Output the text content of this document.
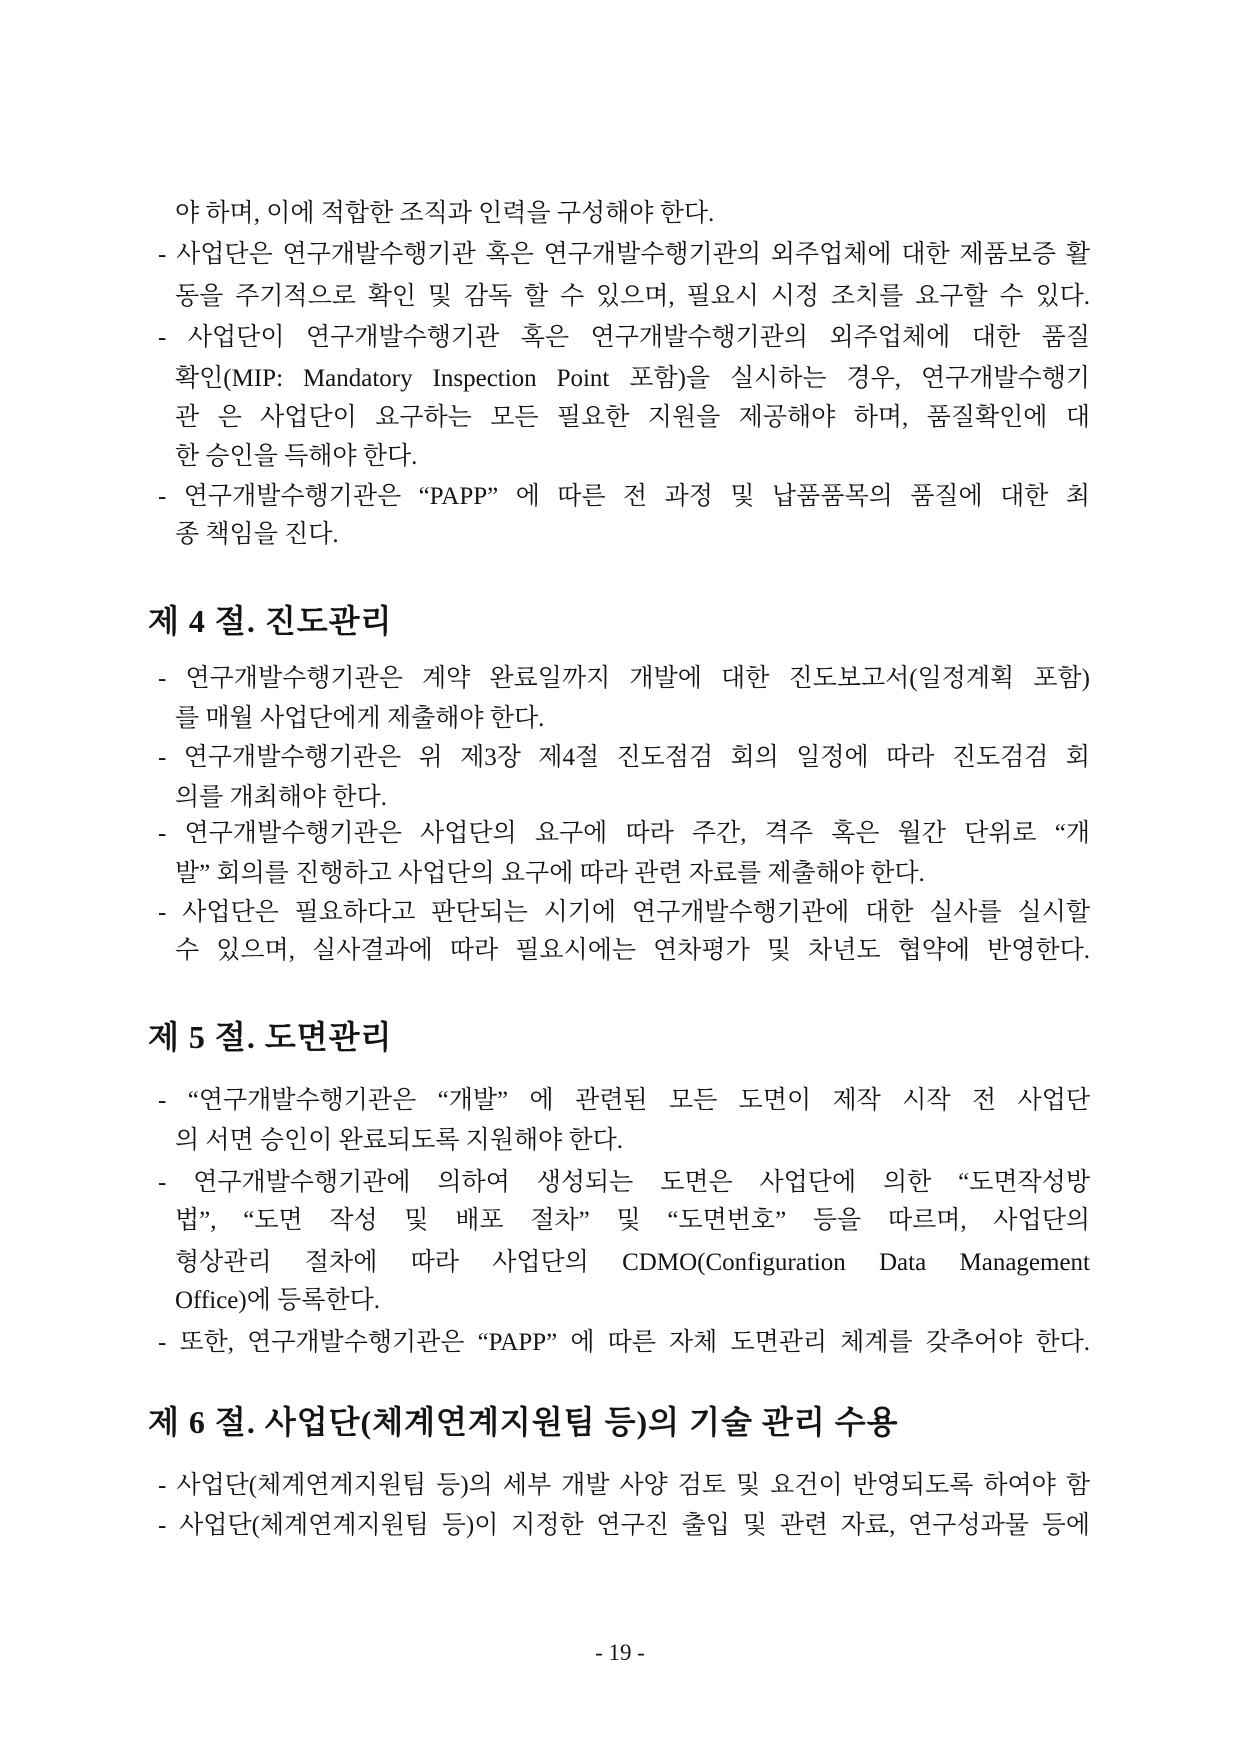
야 하며, 이에 적합한 조직과 인력을 구성해야 한다.
- 사업단은 연구개발수행기관 혹은 연구개발수행기관의 외주업체에 대한 제품보증 활
동을 주기적으로 확인 및 감독 할 수 있으며, 필요시 시정 조치를 요구할 수 있다.
- 사업단이 연구개발수행기관 혹은 연구개발수행기관의 외주업체에 대한 품질
확인(MIP: Mandatory Inspection Point 포함)을 실시하는 경우, 연구개발수행기
관 은 사업단이 요구하는 모든 필요한 지원을 제공해야 하며, 품질확인에 대
한 승인을 득해야 한다.
- 연구개발수행기관은 “PAPP” 에 따른 전 과정 및 납품품목의 품질에 대한 최
종 책임을 진다.
제 4 절. 진도관리
- 연구개발수행기관은 계약 완료일까지 개발에 대한 진도보고서(일정계획 포함)
를 매월 사업단에게 제출해야 한다.
- 연구개발수행기관은 위 제3장 제4절 진도점검 회의 일정에 따라 진도검검 회
의를 개최해야 한다.
- 연구개발수행기관은 사업단의 요구에 따라 주간, 격주 혹은 월간 단위로 “개
발” 회의를 진행하고 사업단의 요구에 따라 관련 자료를 제출해야 한다.
- 사업단은 필요하다고 판단되는 시기에 연구개발수행기관에 대한 실사를 실시할
수 있으며, 실사결과에 따라 필요시에는 연차평가 및 차년도 협약에 반영한다.
제 5 절. 도면관리
- “연구개발수행기관은 “개발” 에 관련된 모든 도면이 제작 시작 전 사업단
의 서면 승인이 완료되도록 지원해야 한다.
- 연구개발수행기관에 의하여 생성되는 도면은 사업단에 의한 “도면작성방
법”, “도면 작성 및 배포 절차” 및 “도면번호” 등을 따르며, 사업단의
형상관리 절차에 따라 사업단의 CDMO(Configuration Data Management
Office)에 등록한다.
- 또한, 연구개발수행기관은 “PAPP” 에 따른 자체 도면관리 체계를 갖추어야 한다.
제 6 절. 사업단(체계연계지원팀 등)의 기술 관리 수용
- 사업단(체계연계지원팀 등)의 세부 개발 사양 검토 및 요건이 반영되도록 하여야 함
- 사업단(체계연계지원팀 등)이 지정한 연구진 출입 및 관련 자료, 연구성과물 등에
- 19 -
